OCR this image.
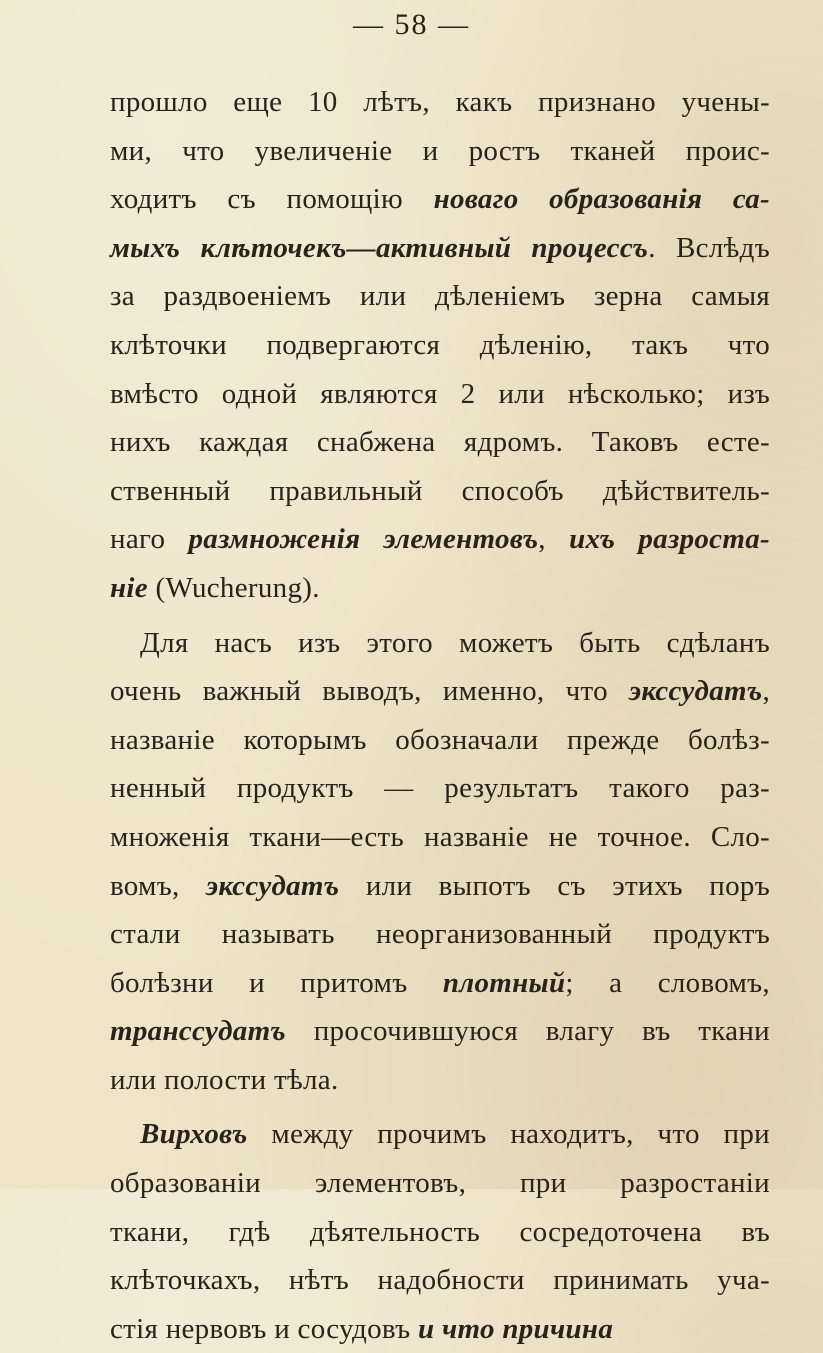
— 58 —
прошло еще 10 лѣтъ, какъ признано учены-
ми, что увеличеніе и ростъ тканей проис-
ходитъ съ помощію новаго образованія са-
мыхъ клѣточекъ—активный процессъ. Вслѣдъ
за раздвоеніемъ или дѣленіемъ зерна самыя
клѣточки подвергаются дѣленію, такъ что
вмѣсто одной являются 2 или нѣсколько; изъ
нихъ каждая снабжена ядромъ. Таковъ есте-
ственный правильный способъ дѣйствитель-
наго размноженія элементовъ, ихъ разроста-
ніе (Wucherung).
Для насъ изъ этого можетъ быть сдѣланъ
очень важный выводъ, именно, что экссудатъ,
названіе которымъ обозначали прежде болѣз-
ненный продуктъ — результатъ такого раз-
множенія ткани—есть названіе не точное. Сло-
вомъ, экссудатъ или выпотъ съ этихъ поръ
стали называть неорганизованный продуктъ
болѣзни и притомъ плотный; а словомъ,
транссудатъ просочившуюся влагу въ ткани
или полости тѣла.
Вирховъ между прочимъ находитъ, что при
образованіи элементовъ, при разростаніи
ткани, гдѣ дѣятельность сосредоточена въ
клѣточкахъ, нѣтъ надобности принимать уча-
стія нервовъ и сосудовъ и что причина
